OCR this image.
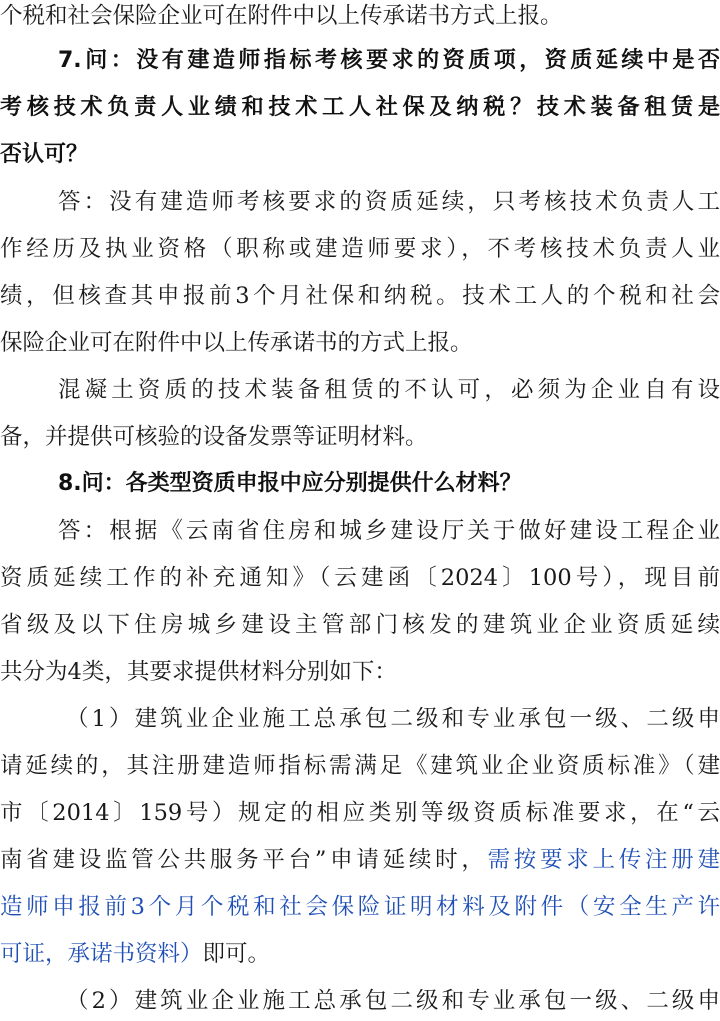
个税和社会保险企业可在附件中以上传承诺书方式上报。
7.问：没有建造师指标考核要求的资质项，资质延续中是否
考核技术负责人业绩和技术工人社保及纳税？技术装备租赁是
否认可？
答：没有建造师考核要求的资质延续，只考核技术负责人工
作经历及执业资格（职称或建造师要求），不考核技术负责人业
绩，但核查其申报前3个月社保和纳税。技术工人的个税和社会
保险企业可在附件中以上传承诺书的方式上报。
混凝土资质的技术装备租赁的不认可，必须为企业自有设
备，并提供可核验的设备发票等证明材料。
8.问：各类型资质申报中应分别提供什么材料？
答：根据《云南省住房和城乡建设厅关于做好建设工程企业
资质延续工作的补充通知》（云建函〔2024〕100号），现目前
省级及以下住房城乡建设主管部门核发的建筑业企业资质延续
共分为4类，其要求提供材料分别如下：
（1）建筑业企业施工总承包二级和专业承包一级、二级申
请延续的，其注册建造师指标需满足《建筑业企业资质标准》（建
市〔2014〕159号）规定的相应类别等级资质标准要求，在“云
南省建设监管公共服务平台”申请延续时，需按要求上传注册建
造师申报前3个月个税和社会保险证明材料及附件（安全生产许
可证，承诺书资料）即可。
（2）建筑业企业施工总承包二级和专业承包一级、二级申
